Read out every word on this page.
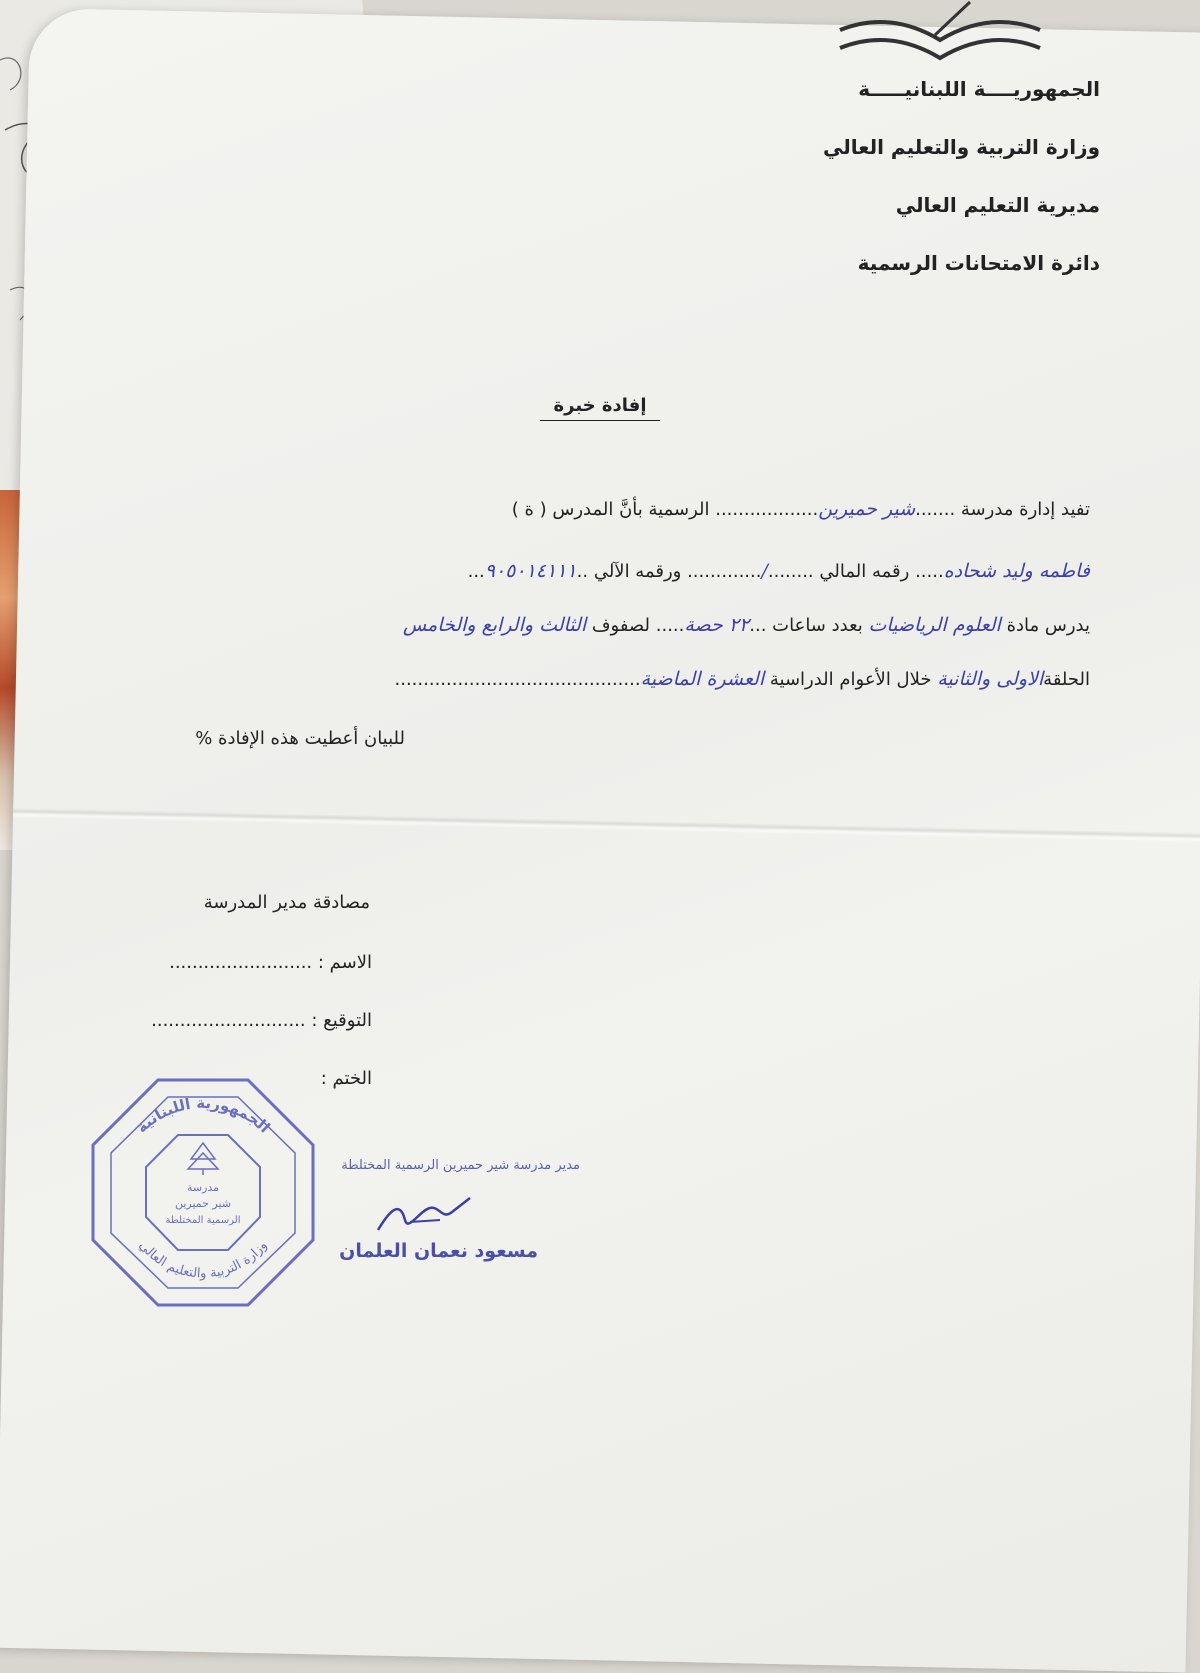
الجمهوريــــة اللبنانيـــــة
وزارة التربية والتعليم العالي
مديرية التعليم العالي
دائرة الامتحانات الرسمية
إفادة خبرة
تفيد إدارة مدرسة .......شير حميرين.................. الرسمية بأنَّ المدرس ( ة )
فاطمه وليد شحاده..... رقمه المالي ......../............. ورقمه الآلي ..٩٠٥٠١٤١١١...
يدرس مادة العلوم الرياضيات بعدد ساعات ...٢٢ حصة..... لصفوف الثالث والرابع والخامس
الحلقةالاولى والثانية خلال الأعوام الدراسية العشرة الماضية...........................................
للبيان أعطيت هذه الإفادة %
مصادقة مدير المدرسة
الاسم : .........................
التوقيع : ...........................
الختم :
الجمهورية اللبنانية
وزارة التربية والتعليم العالي
مدرسة
شير حميرين
الرسمية المختلطة
مدير مدرسة شير حميرين الرسمية المختلطة
مسعود نعمان العلمان
